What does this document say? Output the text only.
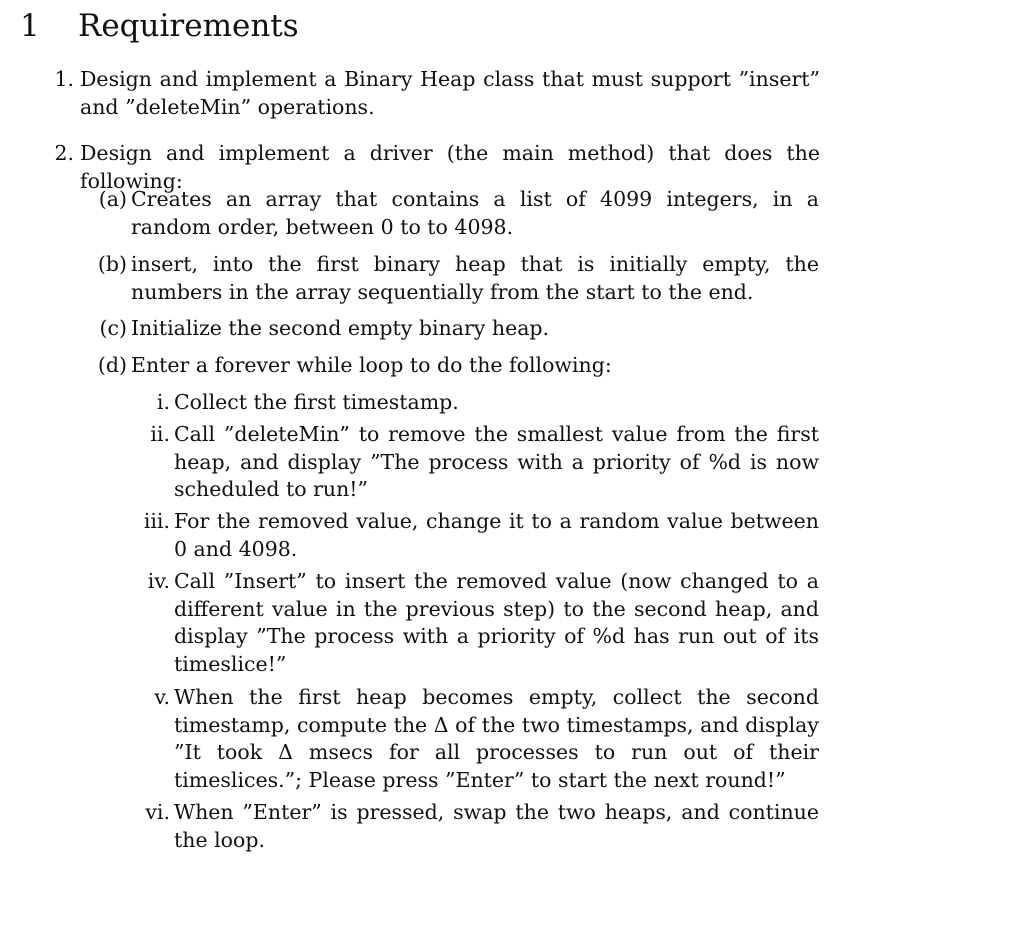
1 Requirements
1. Design and implement a Binary Heap class that must support ”insert” and ”deleteMin” operations.
2. Design and implement a driver (the main method) that does the following:
(a) Creates an array that contains a list of 4099 integers, in a random order, between 0 to to 4098.
(b) insert, into the first binary heap that is initially empty, the numbers in the array sequentially from the start to the end.
(c) Initialize the second empty binary heap.
(d) Enter a forever while loop to do the following:
i. Collect the first timestamp.
ii. Call ”deleteMin” to remove the smallest value from the first heap, and display ”The process with a priority of %d is now scheduled to run!”
iii. For the removed value, change it to a random value between 0 and 4098.
iv. Call ”Insert” to insert the removed value (now changed to a different value in the previous step) to the second heap, and display ”The process with a priority of %d has run out of its timeslice!”
v. When the first heap becomes empty, collect the second timestamp, compute the Δ of the two timestamps, and display ”It took Δ msecs for all processes to run out of their timeslices.”; Please press ”Enter” to start the next round!”
vi. When ”Enter” is pressed, swap the two heaps, and continue the loop.
